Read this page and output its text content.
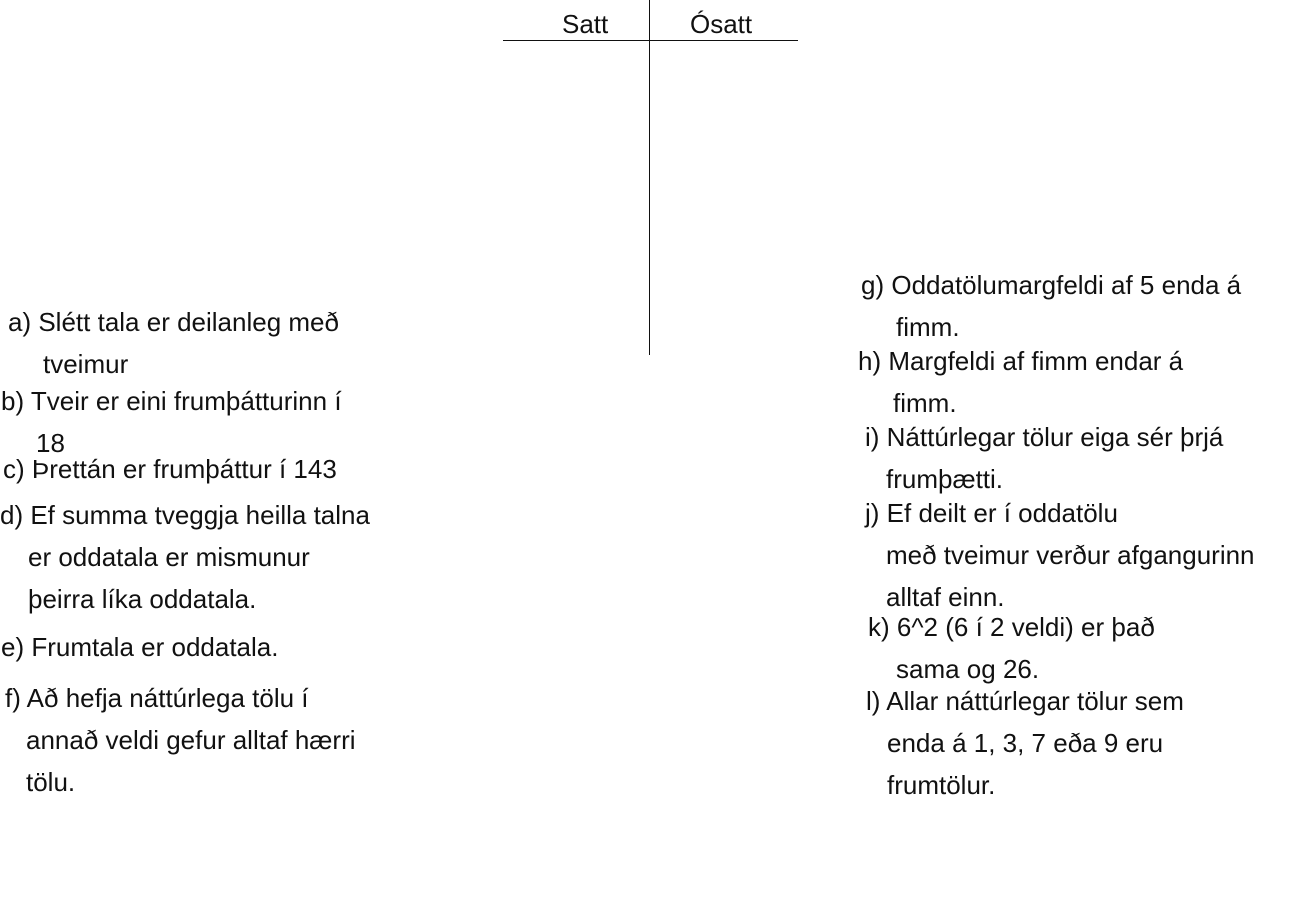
Satt	Ósatt
a) Slétt tala er deilanleg með
tveimur
b) Tveir er eini frumþátturinn í
18
c) Þrettán er frumþáttur í 143
d) Ef summa tveggja heilla talna
er oddatala er mismunur
þeirra líka oddatala.
e) Frumtala er oddatala.
f) Að hefja náttúrlega tölu í
annað veldi gefur alltaf hærri
tölu.
g) Oddatölumargfeldi af 5 enda á
fimm.
h) Margfeldi af fimm endar á
fimm.
i) Náttúrlegar tölur eiga sér þrjá
frumþætti.
j) Ef deilt er í oddatölu
með tveimur verður afgangurinn
alltaf einn.
k) 6^2 (6 í 2 veldi) er það
sama og 26.
l) Allar náttúrlegar tölur sem
enda á 1, 3, 7 eða 9 eru
frumtölur.
